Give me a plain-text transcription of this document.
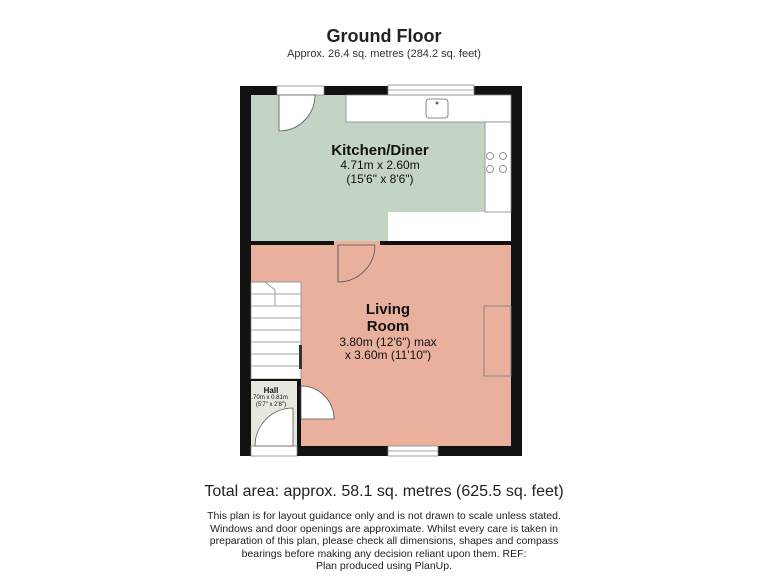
Ground Floor
Approx. 26.4 sq. metres (284.2 sq. feet)
Kitchen/Diner
4.71m x 2.60m
(15'6" x 8'6")
Living
Room
3.80m (12'6") max
x 3.60m (11'10")
Hall
1.70m x 0.81m
(5'7" x 2'8")
Total area: approx. 58.1 sq. metres (625.5 sq. feet)
This plan is for layout guidance only and is not drawn to scale unless stated.
Windows and door openings are approximate. Whilst every care is taken in
preparation of this plan, please check all dimensions, shapes and compass
bearings before making any decision reliant upon them. REF:
Plan produced using PlanUp.
